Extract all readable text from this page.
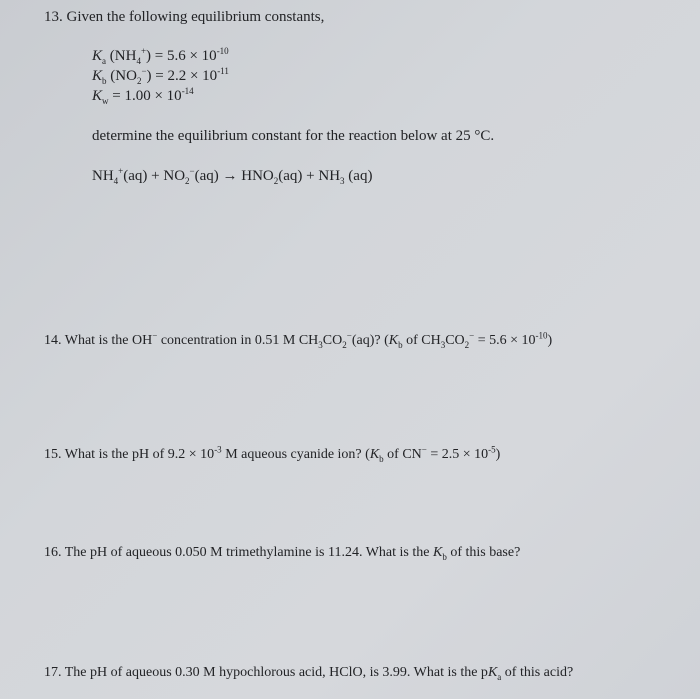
13. Given the following equilibrium constants,
$K_a$ $(NH_4^+) = 5.6 \times 10^{-10}$
$K_b$ $(NO_2^-) = 2.2 \times 10^{-11}$
$K_w = 1.00 \times 10^{-14}$
determine the equilibrium constant for the reaction below at 25 °C.
$NH_4^+(aq) + NO_2^-(aq) \to HNO_2(aq) + NH_3$ (aq)
14. What is the OH− concentration in 0.51 M $CH_3CO_2^-(aq)$? ($K_b$ of $CH_3CO_2^- = 5.6 \times 10^{-10}$)
15. What is the pH of $9.2 \times 10^{-3}$ M aqueous cyanide ion? ($K_b$ of $CN^- = 2.5 \times 10^{-5}$)
16. The pH of aqueous 0.050 M trimethylamine is 11.24. What is the $K_b$ of this base?
17. The pH of aqueous 0.30 M hypochlorous acid, HClO, is 3.99. What is the $pK_a$ of this acid?
